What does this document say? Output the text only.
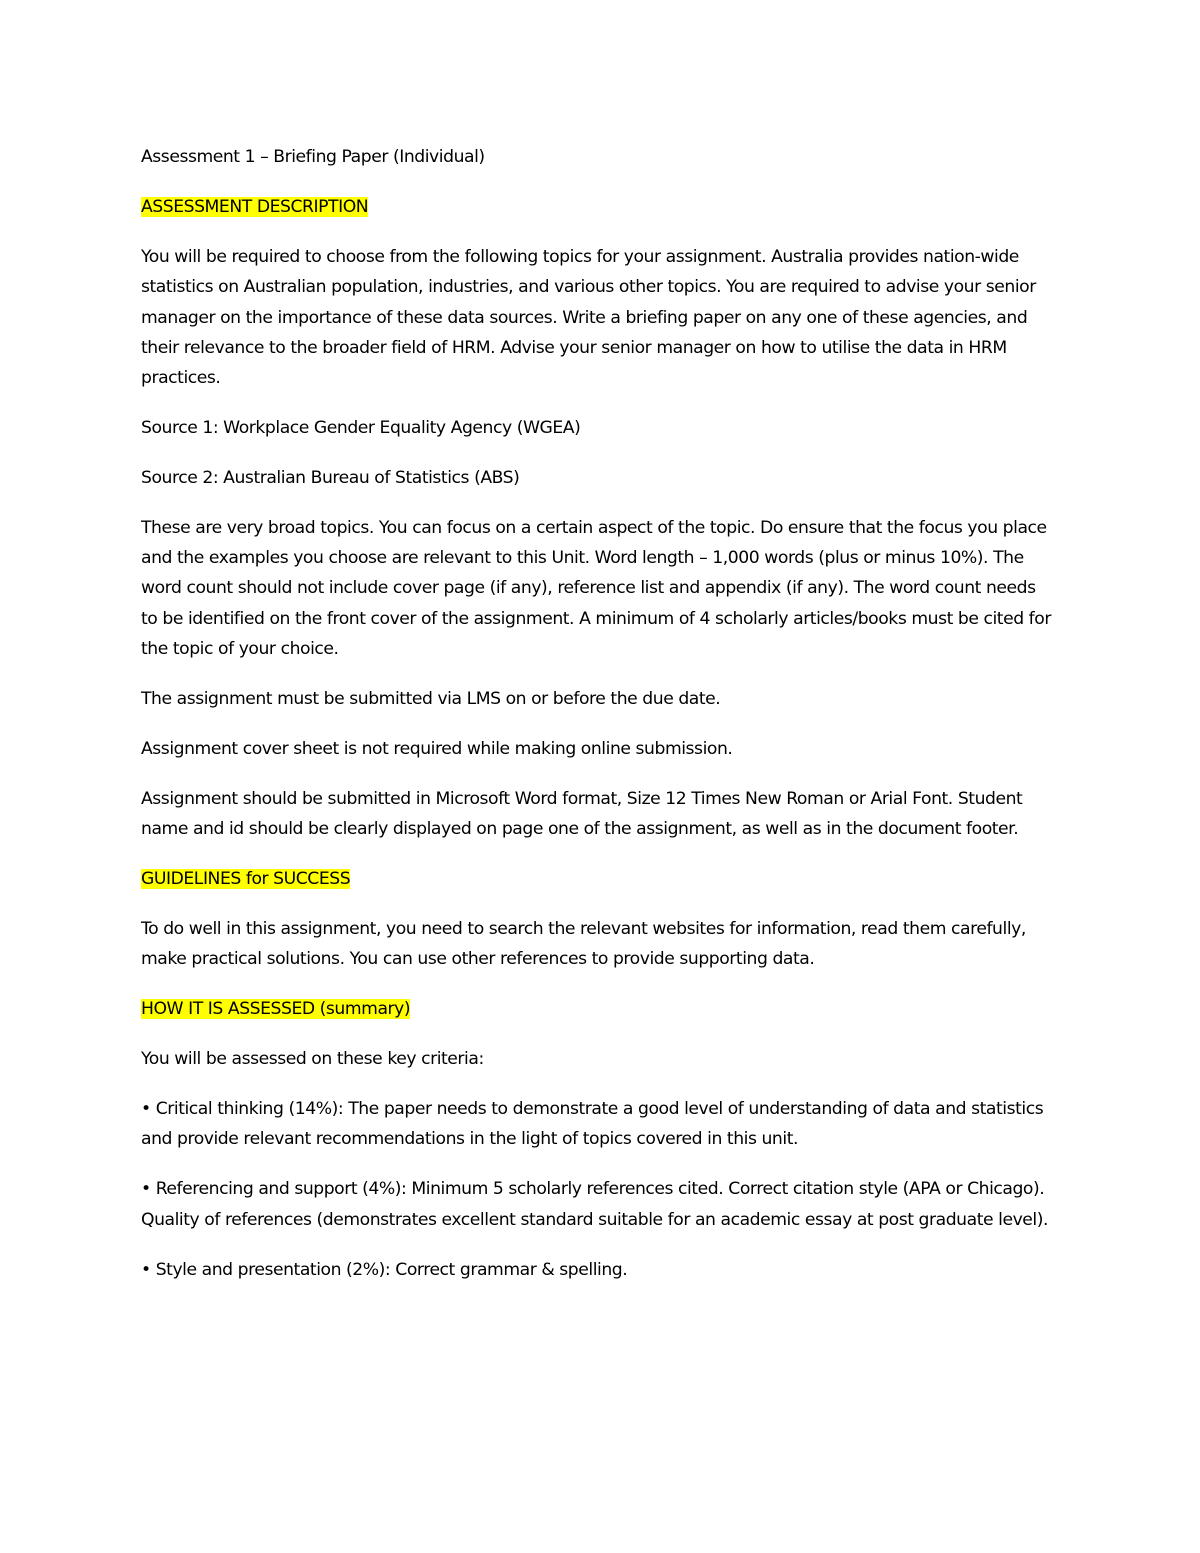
Assessment 1 – Briefing Paper (Individual)

ASSESSMENT DESCRIPTION

You will be required to choose from the following topics for your assignment. Australia provides nation-wide statistics on Australian population, industries, and various other topics. You are required to advise your senior manager on the importance of these data sources. Write a briefing paper on any one of these agencies, and their relevance to the broader field of HRM. Advise your senior manager on how to utilise the data in HRM practices.

Source 1: Workplace Gender Equality Agency (WGEA)

Source 2: Australian Bureau of Statistics (ABS)

These are very broad topics. You can focus on a certain aspect of the topic. Do ensure that the focus you place and the examples you choose are relevant to this Unit. Word length – 1,000 words (plus or minus 10%). The word count should not include cover page (if any), reference list and appendix (if any). The word count needs to be identified on the front cover of the assignment. A minimum of 4 scholarly articles/books must be cited for the topic of your choice.

The assignment must be submitted via LMS on or before the due date.

Assignment cover sheet is not required while making online submission.

Assignment should be submitted in Microsoft Word format, Size 12 Times New Roman or Arial Font. Student name and id should be clearly displayed on page one of the assignment, as well as in the document footer.

GUIDELINES for SUCCESS

To do well in this assignment, you need to search the relevant websites for information, read them carefully, make practical solutions. You can use other references to provide supporting data.

HOW IT IS ASSESSED (summary)

You will be assessed on these key criteria:

• Critical thinking (14%): The paper needs to demonstrate a good level of understanding of data and statistics and provide relevant recommendations in the light of topics covered in this unit.

• Referencing and support (4%): Minimum 5 scholarly references cited. Correct citation style (APA or Chicago). Quality of references (demonstrates excellent standard suitable for an academic essay at post graduate level).

• Style and presentation (2%): Correct grammar & spelling.
